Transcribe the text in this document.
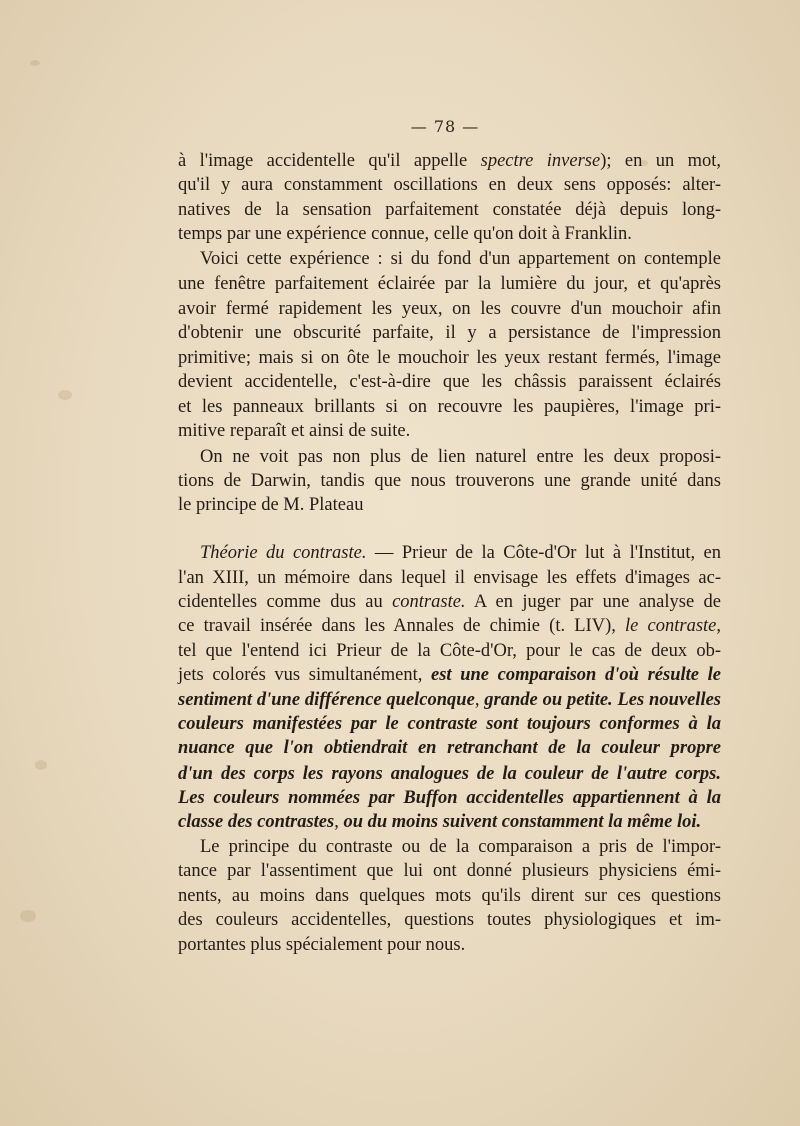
— 78 —
à l'image accidentelle qu'il appelle spectre inverse); en un mot,
qu'il y aura constamment oscillations en deux sens opposés: alter-
natives de la sensation parfaitement constatée déjà depuis long-
temps par une expérience connue, celle qu'on doit à Franklin.
Voici cette expérience : si du fond d'un appartement on contemple
une fenêtre parfaitement éclairée par la lumière du jour, et qu'après
avoir fermé rapidement les yeux, on les couvre d'un mouchoir afin
d'obtenir une obscurité parfaite, il y a persistance de l'impression
primitive; mais si on ôte le mouchoir les yeux restant fermés, l'image
devient accidentelle, c'est-à-dire que les châssis paraissent éclairés
et les panneaux brillants si on recouvre les paupières, l'image pri-
mitive reparaît et ainsi de suite.
On ne voit pas non plus de lien naturel entre les deux proposi-
tions de Darwin, tandis que nous trouverons une grande unité dans
le principe de M. Plateau
Théorie du contraste. — Prieur de la Côte-d'Or lut à l'Institut, en
l'an XIII, un mémoire dans lequel il envisage les effets d'images ac-
cidentelles comme dus au contraste. A en juger par une analyse de
ce travail insérée dans les Annales de chimie (t. LIV), le contraste,
tel que l'entend ici Prieur de la Côte-d'Or, pour le cas de deux ob-
jets colorés vus simultanément, est une comparaison d'où résulte le
sentiment d'une différence quelconque, grande ou petite. Les nouvelles
couleurs manifestées par le contraste sont toujours conformes à la
nuance que l'on obtiendrait en retranchant de la couleur propre
d'un des corps les rayons analogues de la couleur de l'autre corps.
Les couleurs nommées par Buffon accidentelles appartiennent à la
classe des contrastes, ou du moins suivent constamment la même loi.
Le principe du contraste ou de la comparaison a pris de l'impor-
tance par l'assentiment que lui ont donné plusieurs physiciens émi-
nents, au moins dans quelques mots qu'ils dirent sur ces questions
des couleurs accidentelles, questions toutes physiologiques et im-
portantes plus spécialement pour nous.
